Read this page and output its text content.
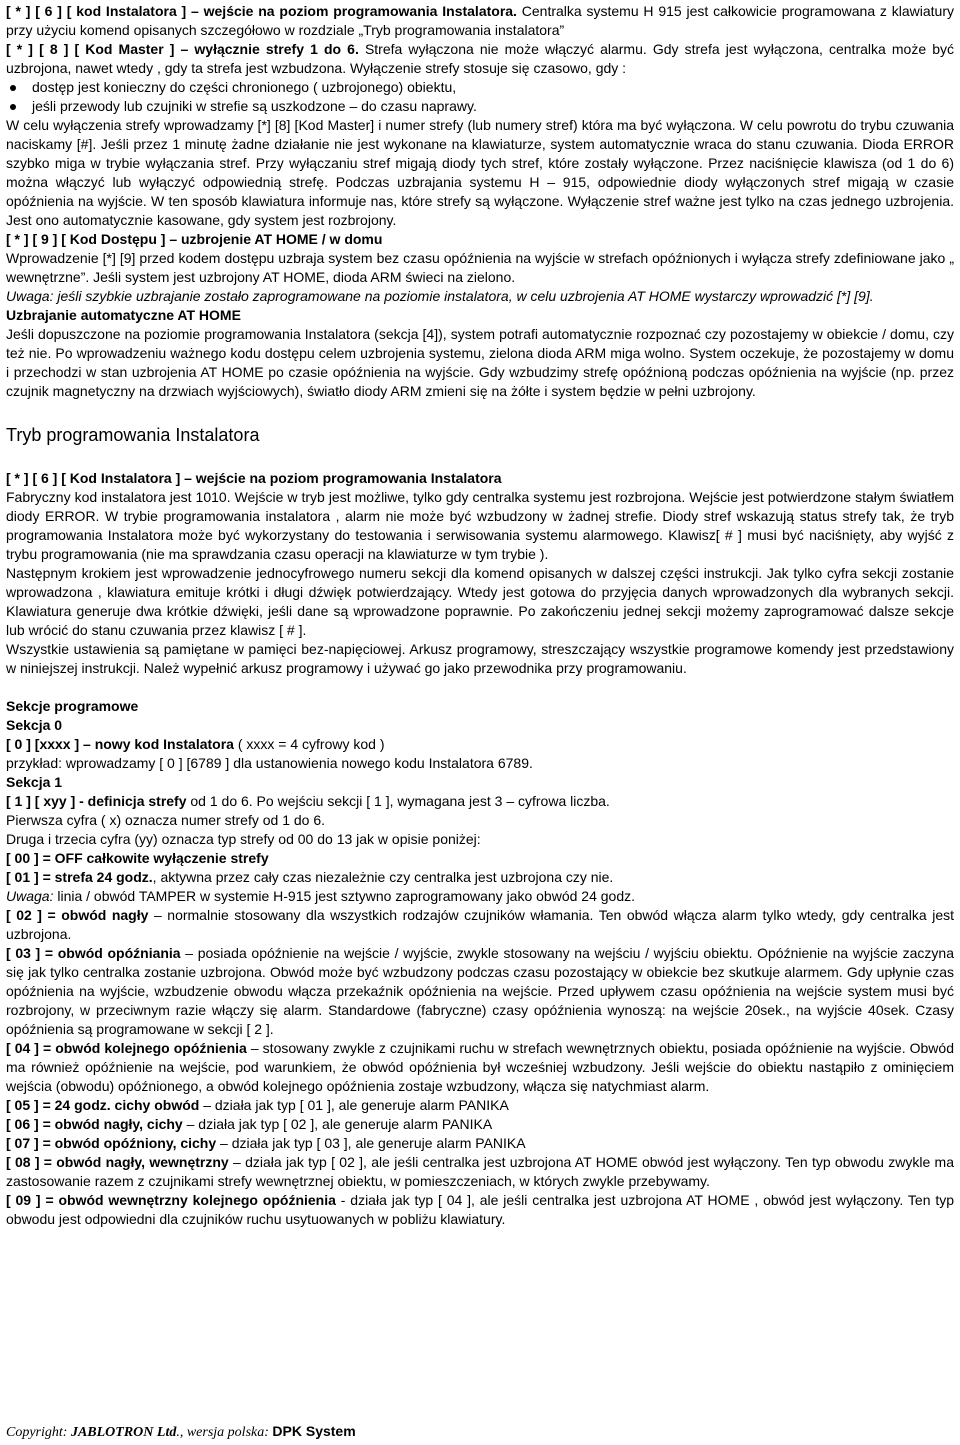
[ * ] [ 6 ] [ kod Instalatora ] – wejście na poziom programowania Instalatora. Centralka systemu H 915 jest całkowicie programowana z klawiatury przy użyciu komend opisanych szczegółowo w rozdziale „Tryb programowania instalatora”

[ * ] [ 8 ] [ Kod Master ] – wyłącznie strefy 1 do 6. Strefa wyłączona nie może włączyć alarmu. Gdy strefa jest wyłączona, centralka może być uzbrojona, nawet wtedy , gdy ta strefa jest wzbudzona. Wyłączenie strefy stosuje się czasowo, gdy :

dostęp jest konieczny do części chronionego ( uzbrojonego) obiektu,
jeśli przewody lub czujniki w strefie są uszkodzone – do czasu naprawy.

W celu wyłączenia strefy wprowadzamy [*] [8] [Kod Master] i numer strefy (lub numery stref) która ma być wyłączona. W celu powrotu do trybu czuwania naciskamy [#]. Jeśli przez 1 minutę żadne działanie nie jest wykonane na klawiaturze, system automatycznie wraca do stanu czuwania. Dioda ERROR szybko miga w trybie wyłączania stref. Przy wyłączaniu stref migają diody tych stref, które zostały wyłączone. Przez naciśnięcie klawisza (od 1 do 6) można włączyć lub wyłączyć odpowiednią strefę. Podczas uzbrajania systemu H – 915, odpowiednie diody wyłączonych stref migają w czasie opóźnienia na wyjście. W ten sposób klawiatura informuje nas, które strefy są wyłączone. Wyłączenie stref ważne jest tylko na czas jednego uzbrojenia. Jest ono automatycznie kasowane, gdy system jest rozbrojony.

[ * ] [ 9 ] [ Kod Dostępu ] – uzbrojenie AT HOME / w domu

Wprowadzenie [*] [9] przed kodem dostępu uzbraja system bez czasu opóźnienia na wyjście w strefach opóźnionych i wyłącza strefy zdefiniowane jako „ wewnętrzne”. Jeśli system jest uzbrojony AT HOME, dioda ARM świeci na zielono.

Uwaga: jeśli szybkie uzbrajanie zostało zaprogramowane na poziomie instalatora, w celu uzbrojenia AT HOME wystarczy wprowadzić [*] [9].

Uzbrajanie automatyczne AT HOME

Jeśli dopuszczone na poziomie programowania Instalatora (sekcja [4]), system potrafi automatycznie rozpoznać czy pozostajemy w obiekcie / domu, czy też nie. Po wprowadzeniu ważnego kodu dostępu celem uzbrojenia systemu, zielona dioda ARM miga wolno. System oczekuje, że pozostajemy w domu i przechodzi w stan uzbrojenia AT HOME po czasie opóźnienia na wyjście. Gdy wzbudzimy strefę opóźnioną podczas opóźnienia na wyjście (np. przez czujnik magnetyczny na drzwiach wyjściowych), światło diody ARM zmieni się na żółte i system będzie w pełni uzbrojony.

Tryb programowania Instalatora

[ * ] [ 6 ] [ Kod Instalatora ] – wejście na poziom programowania Instalatora

Fabryczny kod instalatora jest 1010. Wejście w tryb jest możliwe, tylko gdy centralka systemu jest rozbrojona. Wejście jest potwierdzone stałym światłem diody ERROR. W trybie programowania instalatora , alarm nie może być wzbudzony w żadnej strefie. Diody stref wskazują status strefy tak, że tryb programowania Instalatora może być wykorzystany do testowania i serwisowania systemu alarmowego. Klawisz[ # ] musi być naciśnięty, aby wyjść z trybu programowania (nie ma sprawdzania czasu operacji na klawiaturze w tym trybie ).

Następnym krokiem jest wprowadzenie jednocyfrowego numeru sekcji dla komend opisanych w dalszej części instrukcji. Jak tylko cyfra sekcji zostanie wprowadzona , klawiatura emituje krótki i długi dźwięk potwierdzający. Wtedy jest gotowa do przyjęcia danych wprowadzonych dla wybranych sekcji. Klawiatura generuje dwa krótkie dźwięki, jeśli dane są wprowadzone poprawnie. Po zakończeniu jednej sekcji możemy zaprogramować dalsze sekcje lub wrócić do stanu czuwania przez klawisz [ # ].

Wszystkie ustawienia są pamiętane w pamięci bez-napięciowej. Arkusz programowy, streszczający wszystkie programowe komendy jest przedstawiony w niniejszej instrukcji. Należ wypełnić arkusz programowy i używać go jako przewodnika przy programowaniu.

Sekcje programowe

Sekcja 0

[ 0 ] [xxxx ] – nowy kod Instalatora ( xxxx = 4 cyfrowy kod )

przykład: wprowadzamy [ 0 ] [6789 ] dla ustanowienia nowego kodu Instalatora 6789.

Sekcja 1

[ 1 ] [ xyy ] - definicja strefy od 1 do 6. Po wejściu sekcji [ 1 ], wymagana jest 3 – cyfrowa liczba.

Pierwsza cyfra ( x) oznacza numer strefy od 1 do 6.

Druga i trzecia cyfra (yy) oznacza typ strefy od 00 do 13 jak w opisie poniżej:

[ 00 ] = OFF całkowite wyłączenie strefy

[ 01 ] = strefa 24 godz., aktywna przez cały czas niezależnie czy centralka jest uzbrojona czy nie.

Uwaga: linia / obwód TAMPER w systemie H-915 jest sztywno zaprogramowany jako obwód 24 godz.

[ 02 ] = obwód nagły – normalnie stosowany dla wszystkich rodzajów czujników włamania. Ten obwód włącza alarm tylko wtedy, gdy centralka jest uzbrojona.

[ 03 ] = obwód opóźniania – posiada opóźnienie na wejście / wyjście, zwykle stosowany na wejściu / wyjściu obiektu. Opóźnienie na wyjście zaczyna się jak tylko centralka zostanie uzbrojona. Obwód może być wzbudzony podczas czasu pozostający w obiekcie bez skutkuje alarmem. Gdy upłynie czas opóźnienia na wyjście, wzbudzenie obwodu włącza przekaźnik opóźnienia na wejście. Przed upływem czasu opóźnienia na wejście system musi być rozbrojony, w przeciwnym razie włączy się alarm. Standardowe (fabryczne) czasy opóźnienia wynoszą: na wejście 20sek., na wyjście 40sek. Czasy opóźnienia są programowane w sekcji [ 2 ].

[ 04 ] = obwód kolejnego opóźnienia – stosowany zwykle z czujnikami ruchu w strefach wewnętrznych obiektu, posiada opóźnienie na wyjście. Obwód ma również opóźnienie na wejście, pod warunkiem, że obwód opóźnienia był wcześniej wzbudzony. Jeśli wejście do obiektu nastąpiło z ominięciem wejścia (obwodu) opóźnionego, a obwód kolejnego opóźnienia zostaje wzbudzony, włącza się natychmiast alarm.

[ 05 ] = 24 godz. cichy obwód – działa jak typ [ 01 ], ale generuje alarm PANIKA

[ 06 ] = obwód nagły, cichy – działa jak typ [ 02 ], ale generuje alarm PANIKA

[ 07 ] = obwód opóźniony, cichy – działa jak typ [ 03 ], ale generuje alarm PANIKA

[ 08 ] = obwód nagły, wewnętrzny – działa jak typ [ 02 ], ale jeśli centralka jest uzbrojona AT HOME obwód jest wyłączony. Ten typ obwodu zwykle ma zastosowanie razem z czujnikami strefy wewnętrznej obiektu, w pomieszczeniach, w których zwykle przebywamy.

[ 09 ] = obwód wewnętrzny kolejnego opóźnienia - działa jak typ [ 04 ], ale jeśli centralka jest uzbrojona AT HOME , obwód jest wyłączony. Ten typ obwodu jest odpowiedni dla czujników ruchu usytuowanych w pobliżu klawiatury.

Copyright: JABLOTRON Ltd., wersja polska: DPK System
